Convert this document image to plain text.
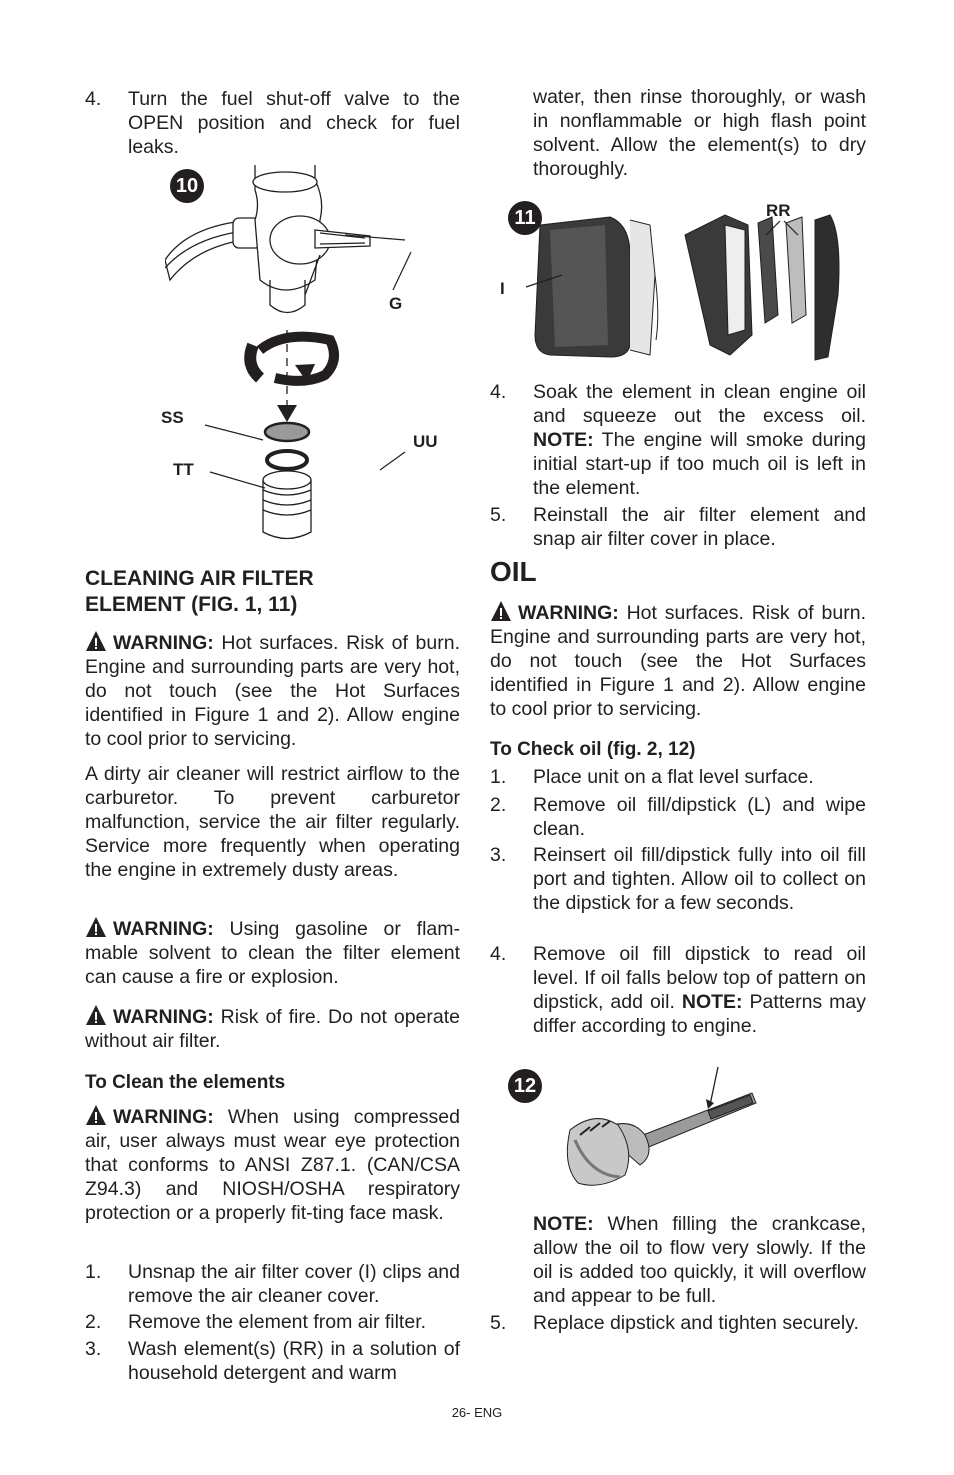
4. Turn the fuel shut-off valve to the OPEN position and check for fuel leaks.
10
G
SS
UU
TT
CLEANING AIR FILTER ELEMENT (FIG. 1, 11)
WARNING: Hot surfaces. Risk of burn. Engine and surrounding parts are very hot, do not touch (see the Hot Surfaces identified in Figure 1 and 2). Allow engine to cool prior to servicing.
A dirty air cleaner will restrict airflow to the carburetor. To prevent carburetor malfunction, service the air filter regularly. Service more frequently when operating the engine in extremely dusty areas.
WARNING: Using gasoline or flam-mable solvent to clean the filter element can cause a fire or explosion.
WARNING: Risk of fire. Do not operate without air filter.
To Clean the elements
WARNING: When using compressed air, user always must wear eye protection that conforms to ANSI Z87.1. (CAN/CSA Z94.3) and NIOSH/OSHA respiratory protection or a properly fit-ting face mask.
1. Unsnap the air filter cover (I) clips and remove the air cleaner cover.
2. Remove the element from air filter.
3. Wash element(s) (RR) in a solution of household detergent and warm
water, then rinse thoroughly, or wash in nonflammable or high flash point solvent. Allow the element(s) to dry thoroughly.
11	RR
I
4. Soak the element in clean engine oil and squeeze out the excess oil. NOTE: The engine will smoke during initial start-up if too much oil is left in the element.
5. Reinstall the air filter element and snap air filter cover in place.
OIL
WARNING: Hot surfaces. Risk of burn. Engine and surrounding parts are very hot, do not touch (see the Hot Surfaces identified in Figure 1 and 2). Allow engine to cool prior to servicing.
To Check oil (fig. 2, 12)
1. Place unit on a flat level surface.
2. Remove oil fill/dipstick (L) and wipe clean.
3. Reinsert oil fill/dipstick fully into oil fill port and tighten. Allow oil to collect on the dipstick for a few seconds.
4. Remove oil fill dipstick to read oil level. If oil falls below top of pattern on dipstick, add oil. NOTE: Patterns may differ according to engine.
12
NOTE: When filling the crankcase, allow the oil to flow very slowly. If the oil is added too quickly, it will overflow and appear to be full.
5. Replace dipstick and tighten securely.
26- ENG
